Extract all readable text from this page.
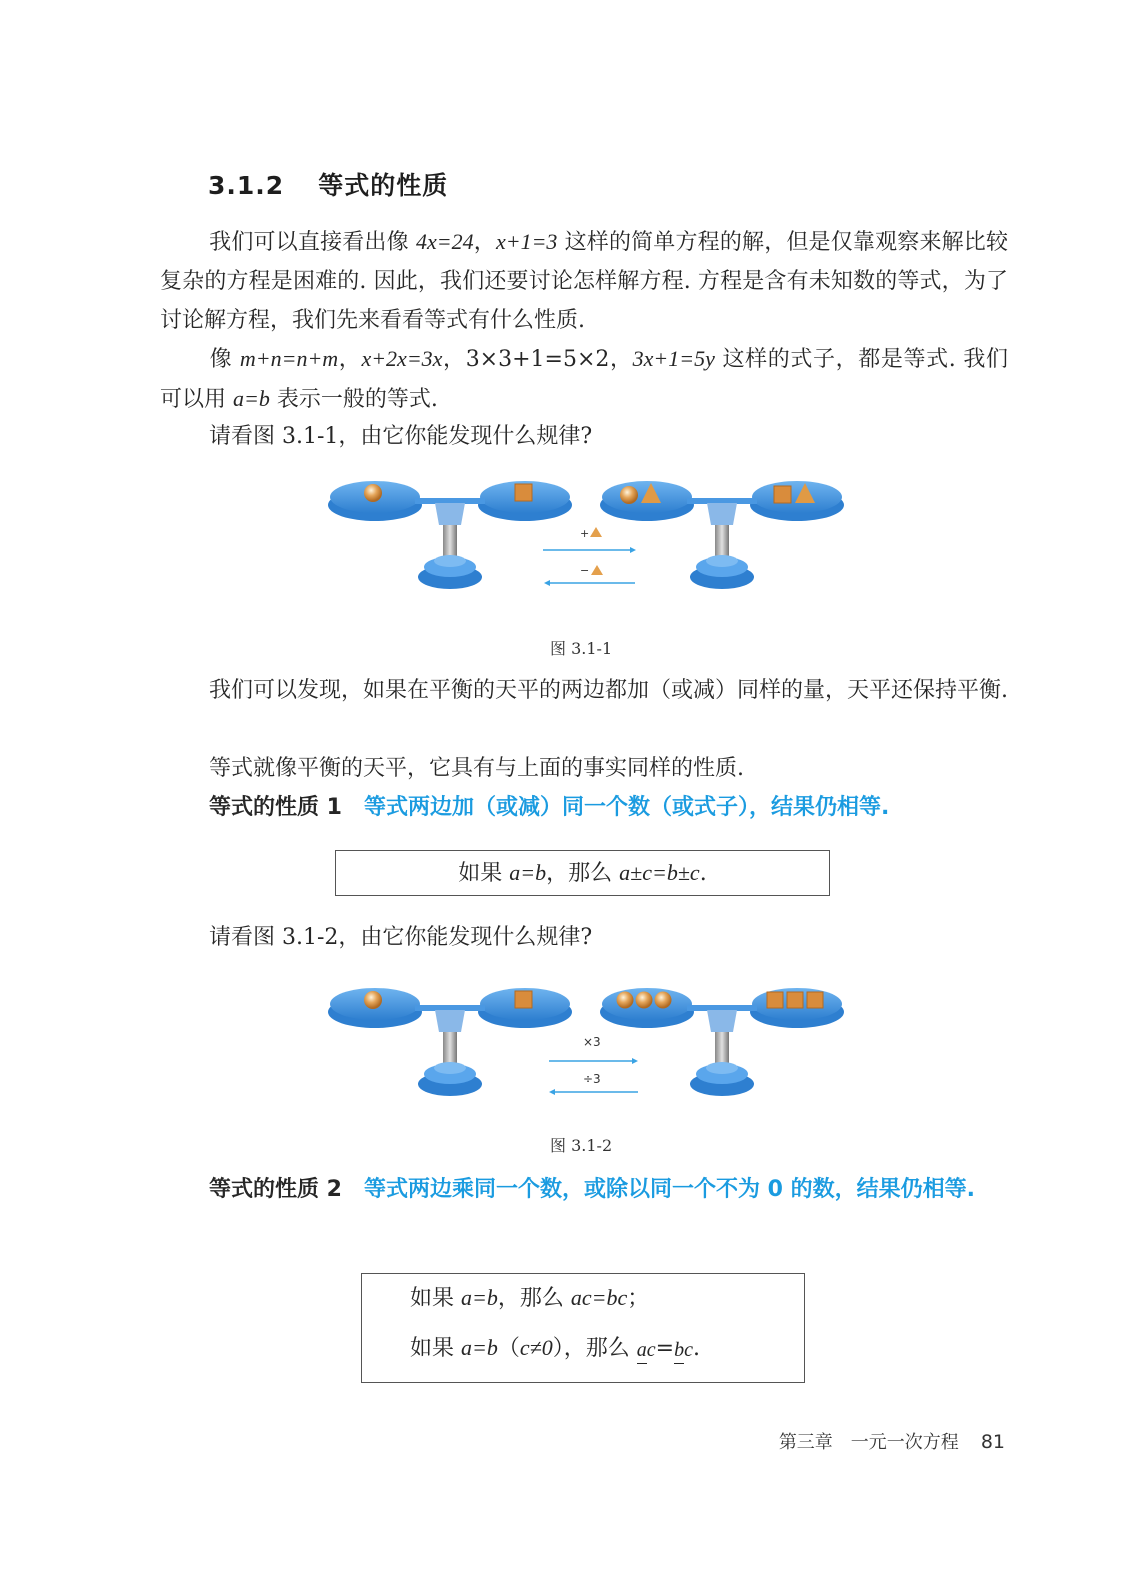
3.1.2 等式的性质
我们可以直接看出像 4x=24，x+1=3 这样的简单方程的解，但是仅靠观察来解比较复杂的方程是困难的. 因此，我们还要讨论怎样解方程. 方程是含有未知数的等式，为了讨论解方程，我们先来看看等式有什么性质.
像 m+n=n+m，x+2x=3x，3×3+1=5×2，3x+1=5y 这样的式子，都是等式. 我们可以用 a=b 表示一般的等式.
请看图 3.1-1，由它你能发现什么规律?
+
−
图 3.1-1
我们可以发现，如果在平衡的天平的两边都加（或减）同样的量，天平还保持平衡.
等式就像平衡的天平，它具有与上面的事实同样的性质.
等式的性质 1 等式两边加（或减）同一个数（或式子），结果仍相等.
如果 a=b，那么 a±c=b±c.
请看图 3.1-2，由它你能发现什么规律?
×3
÷3
图 3.1-2
等式的性质 2 等式两边乘同一个数，或除以同一个不为 0 的数，结果仍相等.
如果 a=b，那么 ac=bc；
如果 a=b（c≠0），那么 ac=bc.
第三章　一元一次方程 81
